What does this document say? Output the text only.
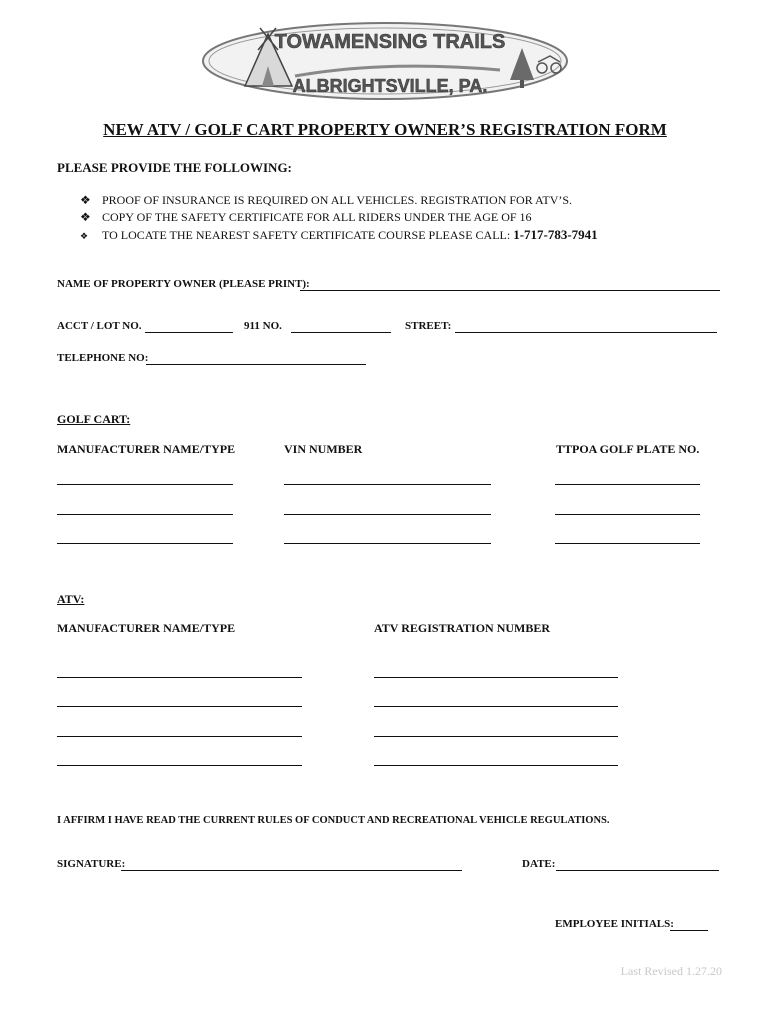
TOWAMENSING TRAILS
ALBRIGHTSVILLE, PA.
NEW ATV / GOLF CART PROPERTY OWNER’S REGISTRATION FORM
PLEASE PROVIDE THE FOLLOWING:
❖ PROOF OF INSURANCE IS REQUIRED ON ALL VEHICLES. REGISTRATION FOR ATV’S.
❖ COPY OF THE SAFETY CERTIFICATE FOR ALL RIDERS UNDER THE AGE OF 16
❖ TO LOCATE THE NEAREST SAFETY CERTIFICATE COURSE PLEASE CALL: 1-717-783-7941
NAME OF PROPERTY OWNER (PLEASE PRINT):
ACCT / LOT NO.	911 NO.	STREET:
TELEPHONE NO:
GOLF CART:
MANUFACTURER NAME/TYPE	VIN NUMBER	TTPOA GOLF PLATE NO.
ATV:
MANUFACTURER NAME/TYPE	ATV REGISTRATION NUMBER
I AFFIRM I HAVE READ THE CURRENT RULES OF CONDUCT AND RECREATIONAL VEHICLE REGULATIONS.
SIGNATURE:	DATE:
EMPLOYEE INITIALS:
Last Revised 1.27.20
